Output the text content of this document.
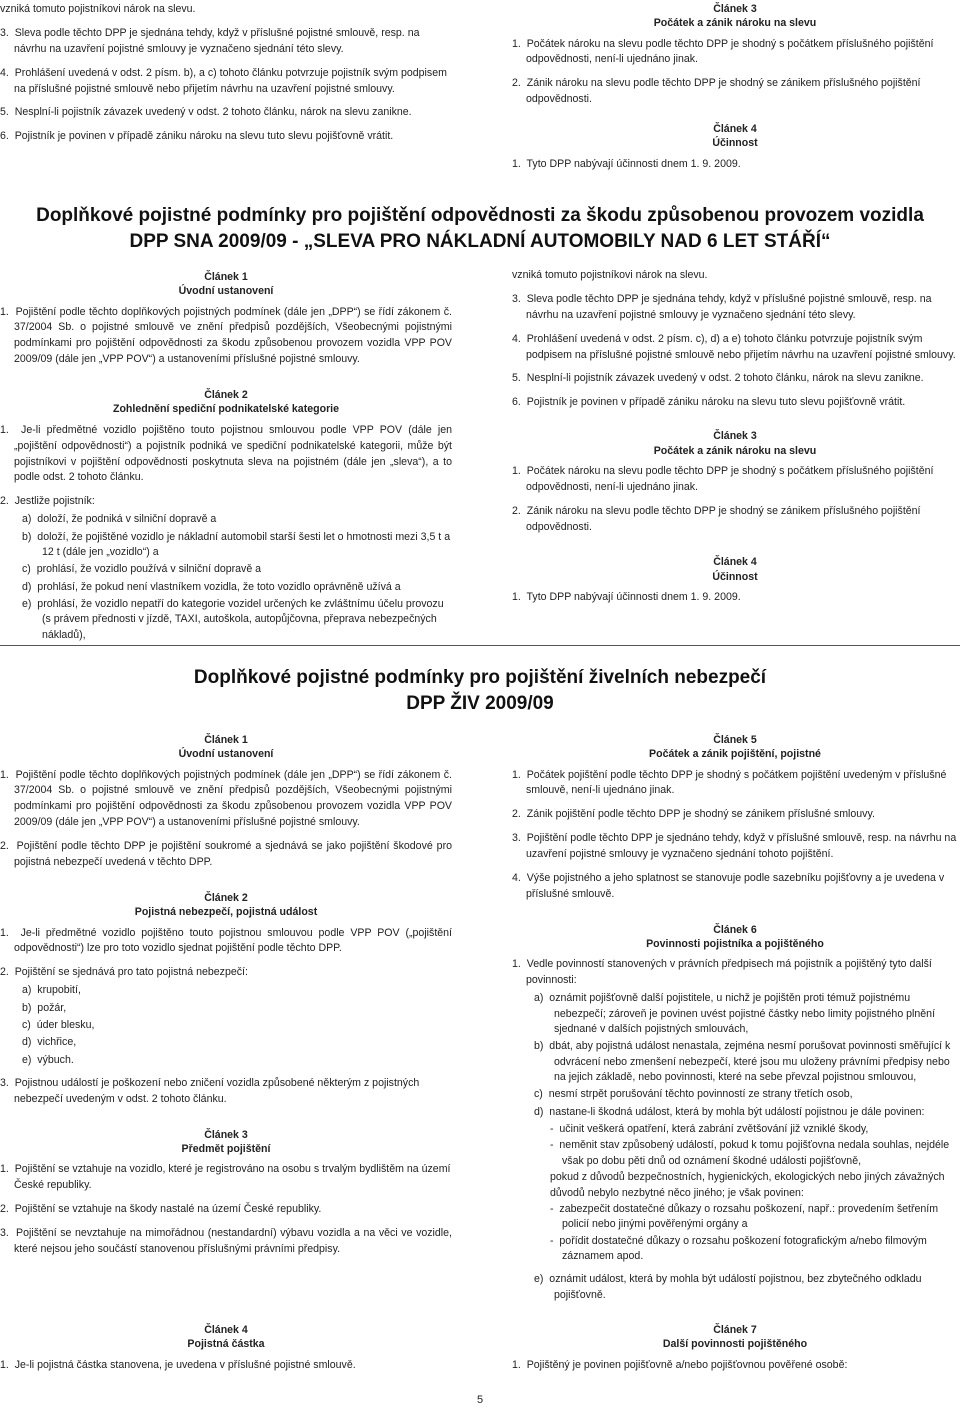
vzniká tomuto pojistníkovi nárok na slevu.

3.  Sleva podle těchto DPP je sjednána tehdy, když v příslušné pojistné smlouvě, resp. na návrhu na uzavření pojistné smlouvy je vyznačeno sjednání této slevy.

4.  Prohlášení uvedená v odst. 2 písm. b), a c) tohoto článku potvrzuje pojistník svým podpisem na příslušné pojistné smlouvě nebo přijetím návrhu na uzavření pojistné smlouvy.

5.  Nesplní-li pojistník závazek uvedený v odst. 2 tohoto článku, nárok na slevu zanikne.

6.  Pojistník je povinen v případě zániku nároku na slevu tuto slevu pojišťovně vrátit.

Článek 3
Počátek a zánik nároku na slevu

1.  Počátek nároku na slevu podle těchto DPP je shodný s počátkem příslušného pojištění odpovědnosti, není-li ujednáno jinak.

2.  Zánik nároku na slevu podle těchto DPP je shodný se zánikem příslušného pojištění odpovědnosti.

Článek 4
Účinnost

1.  Tyto DPP nabývají účinnosti dnem 1. 9. 2009.

Doplňkové pojistné podmínky pro pojištění odpovědnosti za škodu způsobenou provozem vozidla
DPP SNA 2009/09 - „SLEVA PRO NÁKLADNÍ AUTOMOBILY NAD 6 LET STÁŘÍ“
Článek 1
Úvodní ustanovení

1.  Pojištění podle těchto doplňkových pojistných podmínek (dále jen „DPP“) se řídí zákonem č. 37/2004 Sb. o pojistné smlouvě ve znění předpisů pozdějších, Všeobecnými pojistnými podmínkami pro pojištění odpovědnosti za škodu způsobenou provozem vozidla VPP POV 2009/09 (dále jen „VPP POV“) a ustanoveními příslušné pojistné smlouvy.

Článek 2
Zohlednění spediční podnikatelské kategorie

1.  Je-li předmětné vozidlo pojištěno touto pojistnou smlouvou podle VPP POV (dále jen „pojištění odpovědnosti“) a pojistník podniká ve spediční podnikatelské kategorii, může být pojistníkovi v pojištění odpovědnosti poskytnuta sleva na pojistném (dále jen „sleva“), a to podle odst. 2 tohoto článku.

2.  Jestliže pojistník:

a)  doloží, že podniká v silniční dopravě a
b)  doloží, že pojištěné vozidlo je nákladní automobil starší šesti let o hmotnosti mezi 3,5 t a 12 t (dále jen „vozidlo“) a
c)  prohlásí, že vozidlo používá v silniční dopravě a
d)  prohlásí, že pokud není vlastníkem vozidla, že toto vozidlo oprávněně užívá a
e)  prohlásí, že vozidlo nepatří do kategorie vozidel určených ke zvláštnímu účelu provozu (s právem přednosti v jízdě, TAXI, autoškola, autopůjčovna, přeprava nebezpečných nákladů),

vzniká tomuto pojistníkovi nárok na slevu.

3.  Sleva podle těchto DPP je sjednána tehdy, když v příslušné pojistné smlouvě, resp. na návrhu na uzavření pojistné smlouvy je vyznačeno sjednání této slevy.

4.  Prohlášení uvedená v odst. 2 písm. c), d) a e) tohoto článku potvrzuje pojistník svým podpisem na příslušné pojistné smlouvě nebo přijetím návrhu na uzavření pojistné smlouvy.

5.  Nesplní-li pojistník závazek uvedený v odst. 2 tohoto článku, nárok na slevu zanikne.

6.  Pojistník je povinen v případě zániku nároku na slevu tuto slevu pojišťovně vrátit.

Článek 3
Počátek a zánik nároku na slevu

1.  Počátek nároku na slevu podle těchto DPP je shodný s počátkem příslušného pojištění odpovědnosti, není-li ujednáno jinak.

2.  Zánik nároku na slevu podle těchto DPP je shodný se zánikem příslušného pojištění odpovědnosti.

Článek 4
Účinnost

1.  Tyto DPP nabývají účinnosti dnem 1. 9. 2009.

Doplňkové pojistné podmínky pro pojištění živelních nebezpečí
DPP ŽIV 2009/09
Článek 1
Úvodní ustanovení

1.  Pojištění podle těchto doplňkových pojistných podmínek (dále jen „DPP“) se řídí zákonem č. 37/2004 Sb. o pojistné smlouvě ve znění předpisů pozdějších, Všeobecnými pojistnými podmínkami pro pojištění odpovědnosti za škodu způsobenou provozem vozidla VPP POV 2009/09 (dále jen „VPP POV“) a ustanoveními příslušné pojistné smlouvy.

2.  Pojištění podle těchto DPP je pojištění soukromé a sjednává se jako pojištění škodové pro pojistná nebezpečí uvedená v těchto DPP.

Článek 2
Pojistná nebezpečí, pojistná událost

1.  Je-li předmětné vozidlo pojištěno touto pojistnou smlouvou podle VPP POV („pojištění odpovědnosti“) lze pro toto vozidlo sjednat pojištění podle těchto DPP.

2.  Pojištění se sjednává pro tato pojistná nebezpečí:

a)  krupobití,
b)  požár,
c)  úder blesku,
d)  vichřice,
e)  výbuch.

3.  Pojistnou událostí je poškození nebo zničení vozidla způsobené některým z pojistných nebezpečí uvedeným v odst. 2 tohoto článku.

Článek 3
Předmět pojištění

1.  Pojištění se vztahuje na vozidlo, které je registrováno na osobu s trvalým bydlištěm na území České republiky.

2.  Pojištění se vztahuje na škody nastalé na území České republiky.

3.  Pojištění se nevztahuje na mimořádnou (nestandardní) výbavu vozidla a na věci ve vozidle, které nejsou jeho součástí stanovenou příslušnými právními předpisy.

Článek 4
Pojistná částka

1.  Je-li pojistná částka stanovena, je uvedena v příslušné pojistné smlouvě.

Článek 5
Počátek a zánik pojištění, pojistné

1.  Počátek pojištění podle těchto DPP je shodný s počátkem pojištění uvedeným v příslušné smlouvě, není-li ujednáno jinak.

2.  Zánik pojištění podle těchto DPP je shodný se zánikem příslušné smlouvy.

3.  Pojištění podle těchto DPP je sjednáno tehdy, když v příslušné smlouvě, resp. na návrhu na uzavření pojistné smlouvy je vyznačeno sjednání tohoto pojištění.

4.  Výše pojistného a jeho splatnost se stanovuje podle sazebníku pojišťovny a je uvedena v příslušné smlouvě.

Článek 6
Povinnosti pojistníka a pojištěného

1.  Vedle povinností stanovených v právních předpisech má pojistník a pojištěný tyto další povinnosti:

a)  oznámit pojišťovně další pojistitele, u nichž je pojištěn proti témuž pojistnému nebezpečí; zároveň je povinen uvést pojistné částky nebo limity pojistného plnění sjednané v dalších pojistných smlouvách,
b)  dbát, aby pojistná událost nenastala, zejména nesmí porušovat povinnosti směřující k odvrácení nebo zmenšení nebezpečí, které jsou mu uloženy právními předpisy nebo na jejich základě, nebo povinnosti, které na sebe převzal pojistnou smlouvou,
c)  nesmí strpět porušování těchto povinností ze strany třetích osob,
d)  nastane-li škodná událost, která by mohla být událostí pojistnou je dále povinen:
-  učinit veškerá opatření, která zabrání zvětšování již vzniklé škody,
-  neměnit stav způsobený událostí, pokud k tomu pojišťovna nedala souhlas, nejdéle však po dobu pěti dnů od oznámení škodné události pojišťovně,
pokud z důvodů bezpečnostních, hygienických, ekologických nebo jiných závažných důvodů nebylo nezbytné něco jiného; je však povinen:
-  zabezpečit dostatečné důkazy o rozsahu poškození, např.: provedením šetřením policií nebo jinými pověřenými orgány a
-  pořídit dostatečné důkazy o rozsahu poškození fotografickým a/nebo filmovým záznamem apod.
e)  oznámit událost, která by mohla být událostí pojistnou, bez zbytečného odkladu pojišťovně.
Článek 7
Další povinnosti pojištěného

1.  Pojištěný je povinen pojišťovně a/nebo pojišťovnou pověřené osobě:

5
